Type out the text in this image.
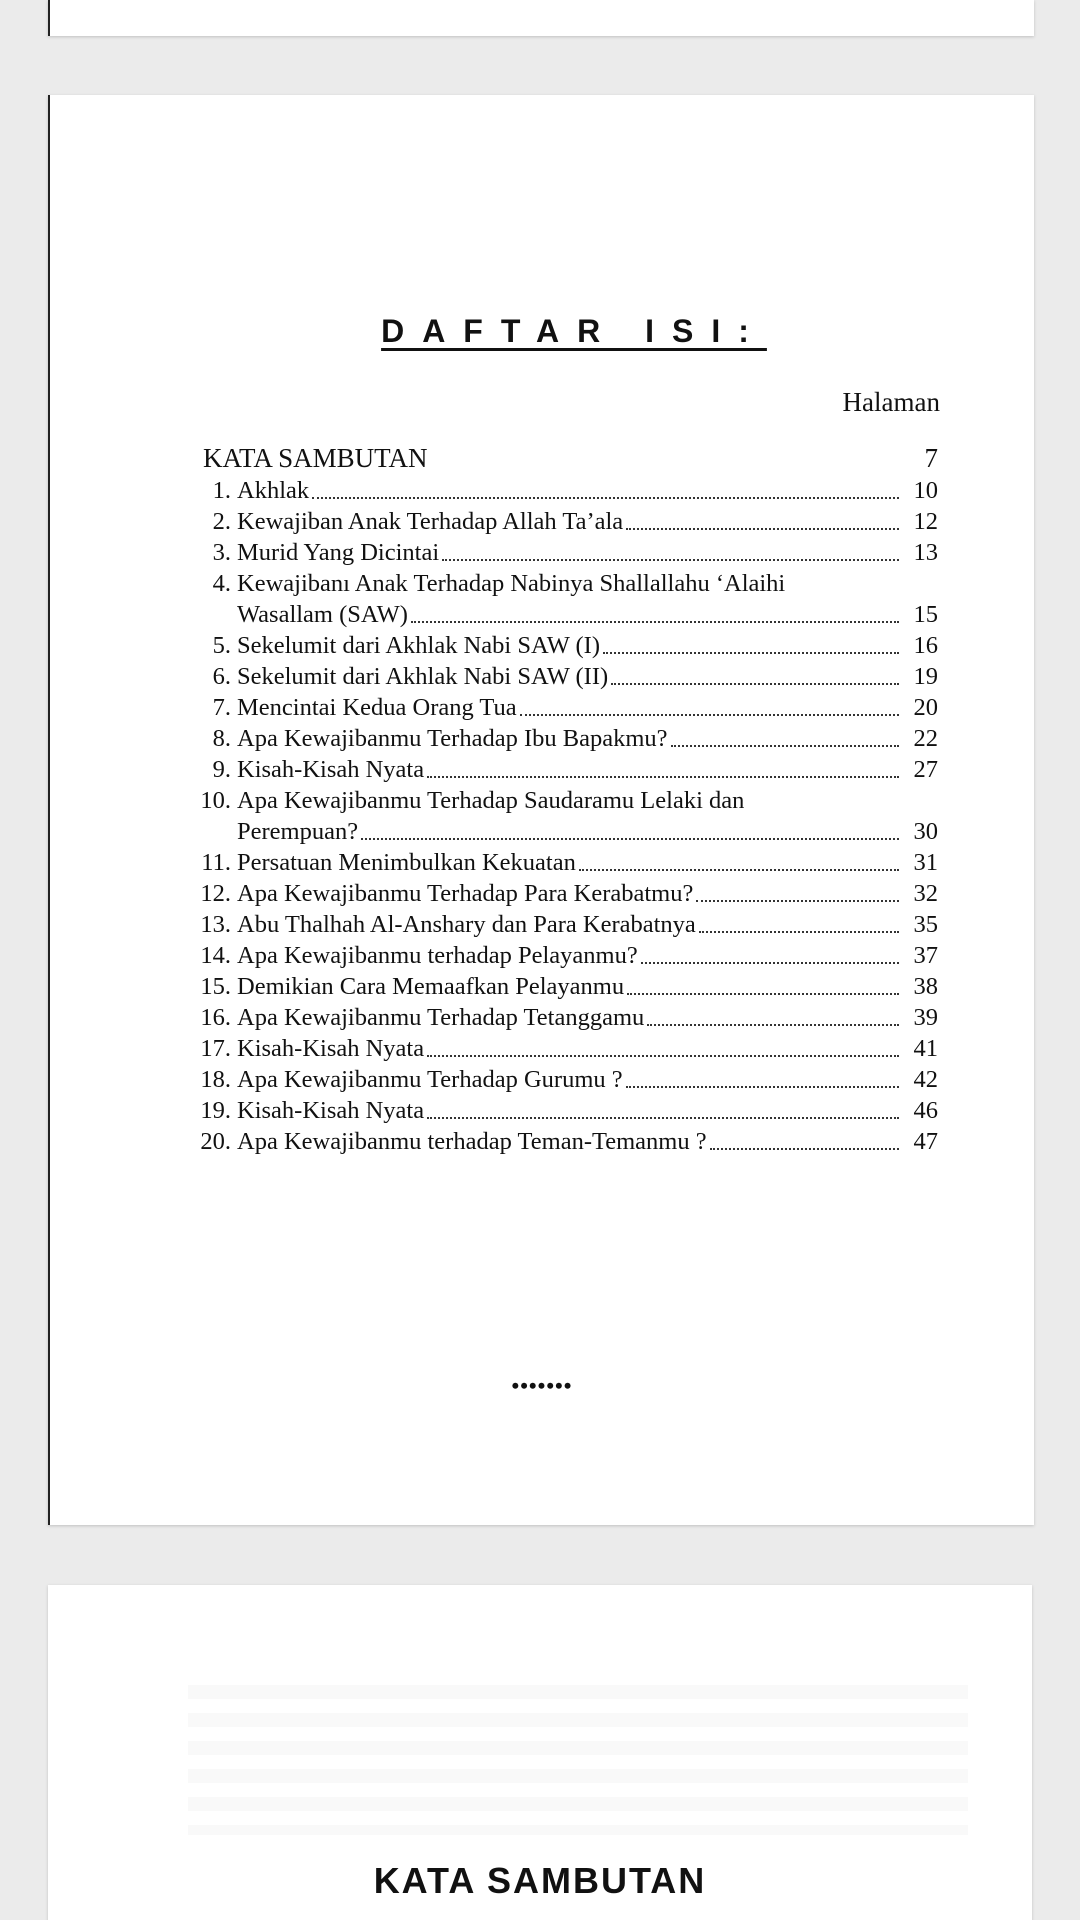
DAFTAR ISI:
Halaman
KATA SAMBUTAN	7
1. Akhlak	10
2. Kewajiban Anak Terhadap Allah Ta’ala	12
3. Murid Yang Dicintai	13
4. Kewajibanı Anak Terhadap Nabinya Shallallahu ‘Alaihi
Wasallam (SAW)	15
5. Sekelumit dari Akhlak Nabi SAW (I)	16
6. Sekelumit dari Akhlak Nabi SAW (II)	19
7. Mencintai Kedua Orang Tua	20
8. Apa Kewajibanmu Terhadap Ibu Bapakmu?	22
9. Kisah-Kisah Nyata	27
10. Apa Kewajibanmu Terhadap Saudaramu Lelaki dan
Perempuan?	30
11. Persatuan Menimbulkan Kekuatan	31
12. Apa Kewajibanmu Terhadap Para Kerabatmu?	32
13. Abu Thalhah Al-Anshary dan Para Kerabatnya	35
14. Apa Kewajibanmu terhadap Pelayanmu?	37
15. Demikian Cara Memaafkan Pelayanmu	38
16. Apa Kewajibanmu Terhadap Tetanggamu	39
17. Kisah-Kisah Nyata	41
18. Apa Kewajibanmu Terhadap Gurumu ?	42
19. Kisah-Kisah Nyata	46
20. Apa Kewajibanmu terhadap Teman-Temanmu ?	47
•••••••
KATA SAMBUTAN
